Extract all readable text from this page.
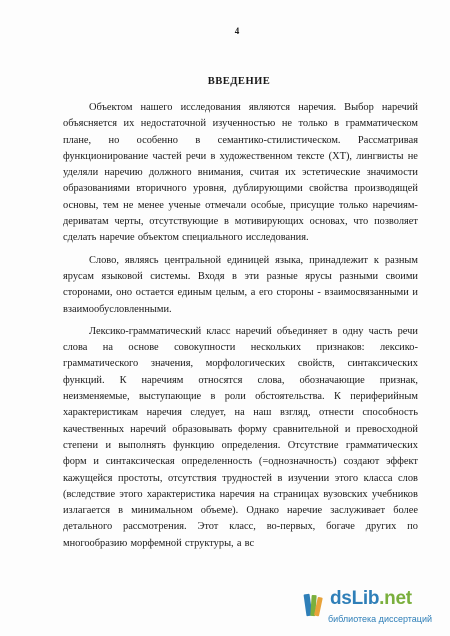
4
ВВЕДЕНИЕ
Объектом нашего исследования являются наречия. Выбор наречий
объясняется их недостаточной изученностью не только в грамматическом
плане, но особенно в семантико-стилистическом. Рассматривая
функционирование частей речи в художественном тексте (ХТ), лингвисты не
уделяли наречию должного внимания, считая их эстетические значимости
образованиями вторичного уровня, дублирующими свойства производящей
основы, тем не менее ученые отмечали особые, присущие только наречиям-
дериватам черты, отсутствующие в мотивирующих основах, что позволяет
сделать наречие объектом специального исследования.
Слово, являясь центральной единицей языка, принадлежит к разным
ярусам языковой системы. Входя в эти разные ярусы разными своими
сторонами, оно остается единым целым, а его стороны - взаимосвязанными и
взаимообусловленными.
Лексико-грамматический класс наречий объединяет в одну часть речи
слова на основе совокупности нескольких признаков: лексико-
грамматического значения, морфологических свойств, синтаксических
функций. К наречиям относятся слова, обозначающие признак,
неизменяемые, выступающие в роли обстоятельства. К периферийным
характеристикам наречия следует, на наш взгляд, отнести способность
качественных наречий образовывать форму сравнительной и превосходной
степени и выполнять функцию определения. Отсутствие грамматических
форм и синтаксическая определенность (=однозначность) создают эффект
кажущейся простоты, отсутствия трудностей в изучении этого класса слов
(вследствие этого характеристика наречия на страницах вузовских учебников
излагается в минимальном объеме). Однако наречие заслуживает более
детального рассмотрения. Этот класс, во-первых, богаче других по
многообразию морфемной структуры, а вс
dsLib.net
библиотека диссертаций
